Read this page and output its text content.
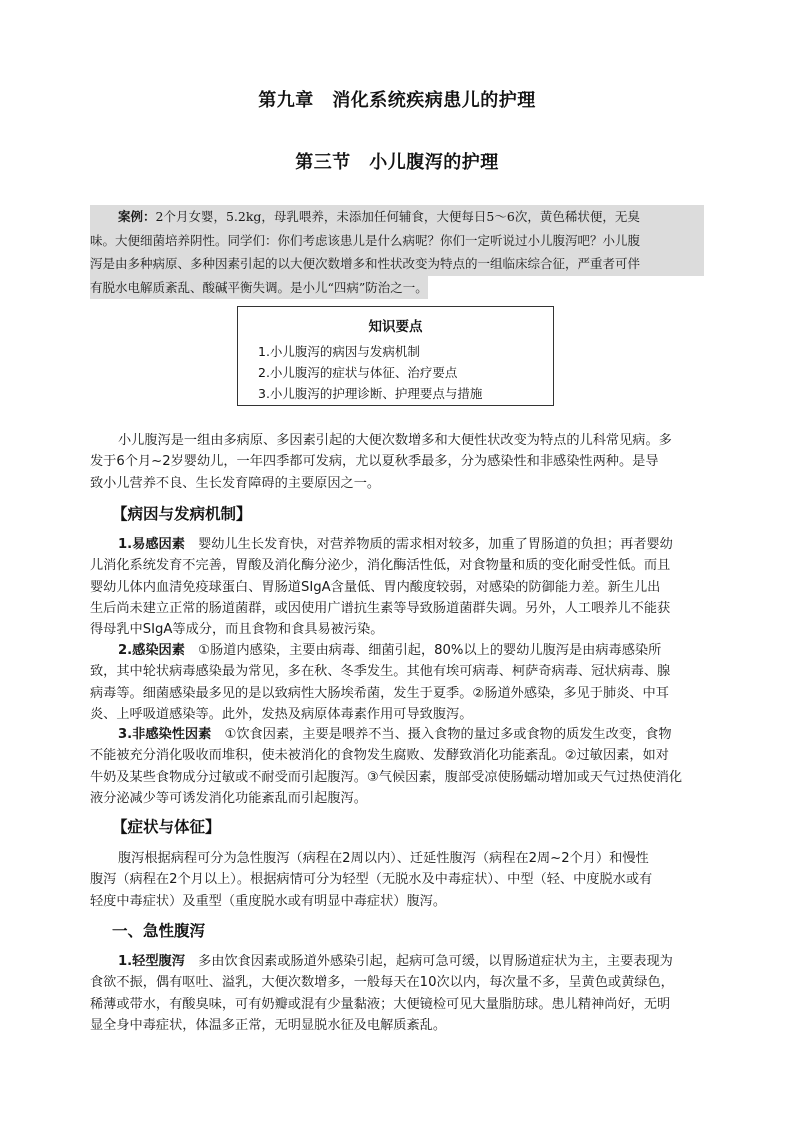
第九章　消化系统疾病患儿的护理
第三节　小儿腹泻的护理
案例：2个月女婴，5.2kg，母乳喂养，未添加任何辅食，大便每日5～6次，黄色稀状便，无臭
味。大便细菌培养阴性。同学们：你们考虑该患儿是什么病呢？你们一定听说过小儿腹泻吧？小儿腹
泻是由多种病原、多种因素引起的以大便次数增多和性状改变为特点的一组临床综合征，严重者可伴
有脱水电解质紊乱、酸碱平衡失调。是小儿“四病”防治之一。
知识要点
1.小儿腹泻的病因与发病机制
2.小儿腹泻的症状与体征、治疗要点
3.小儿腹泻的护理诊断、护理要点与措施
小儿腹泻是一组由多病原、多因素引起的大便次数增多和大便性状改变为特点的儿科常见病。多
发于6个月~2岁婴幼儿，一年四季都可发病，尤以夏秋季最多，分为感染性和非感染性两种。是导
致小儿营养不良、生长发育障碍的主要原因之一。
【病因与发病机制】
1.易感因素　婴幼儿生长发育快，对营养物质的需求相对较多，加重了胃肠道的负担；再者婴幼
儿消化系统发育不完善，胃酸及消化酶分泌少，消化酶活性低，对食物量和质的变化耐受性低。而且
婴幼儿体内血清免疫球蛋白、胃肠道SIgA含量低、胃内酸度较弱，对感染的防御能力差。新生儿出
生后尚未建立正常的肠道菌群，或因使用广谱抗生素等导致肠道菌群失调。另外，人工喂养儿不能获
得母乳中SIgA等成分，而且食物和食具易被污染。
2.感染因素　①肠道内感染，主要由病毒、细菌引起，80%以上的婴幼儿腹泻是由病毒感染所
致，其中轮状病毒感染最为常见，多在秋、冬季发生。其他有埃可病毒、柯萨奇病毒、冠状病毒、腺
病毒等。细菌感染最多见的是以致病性大肠埃希菌，发生于夏季。②肠道外感染，多见于肺炎、中耳
炎、上呼吸道感染等。此外，发热及病原体毒素作用可导致腹泻。
3.非感染性因素　①饮食因素，主要是喂养不当、摄入食物的量过多或食物的质发生改变，食物
不能被充分消化吸收而堆积，使未被消化的食物发生腐败、发酵致消化功能紊乱。②过敏因素，如对
牛奶及某些食物成分过敏或不耐受而引起腹泻。③气候因素，腹部受凉使肠蠕动增加或天气过热使消化
液分泌减少等可诱发消化功能紊乱而引起腹泻。
【症状与体征】
腹泻根据病程可分为急性腹泻（病程在2周以内）、迁延性腹泻（病程在2周~2个月）和慢性
腹泻（病程在2个月以上）。根据病情可分为轻型（无脱水及中毒症状）、中型（轻、中度脱水或有
轻度中毒症状）及重型（重度脱水或有明显中毒症状）腹泻。
一、急性腹泻
1.轻型腹泻　多由饮食因素或肠道外感染引起，起病可急可缓，以胃肠道症状为主，主要表现为
食欲不振，偶有呕吐、溢乳，大便次数增多，一般每天在10次以内，每次量不多，呈黄色或黄绿色，
稀薄或带水，有酸臭味，可有奶瓣或混有少量黏液；大便镜检可见大量脂肪球。患儿精神尚好，无明
显全身中毒症状，体温多正常，无明显脱水征及电解质紊乱。
